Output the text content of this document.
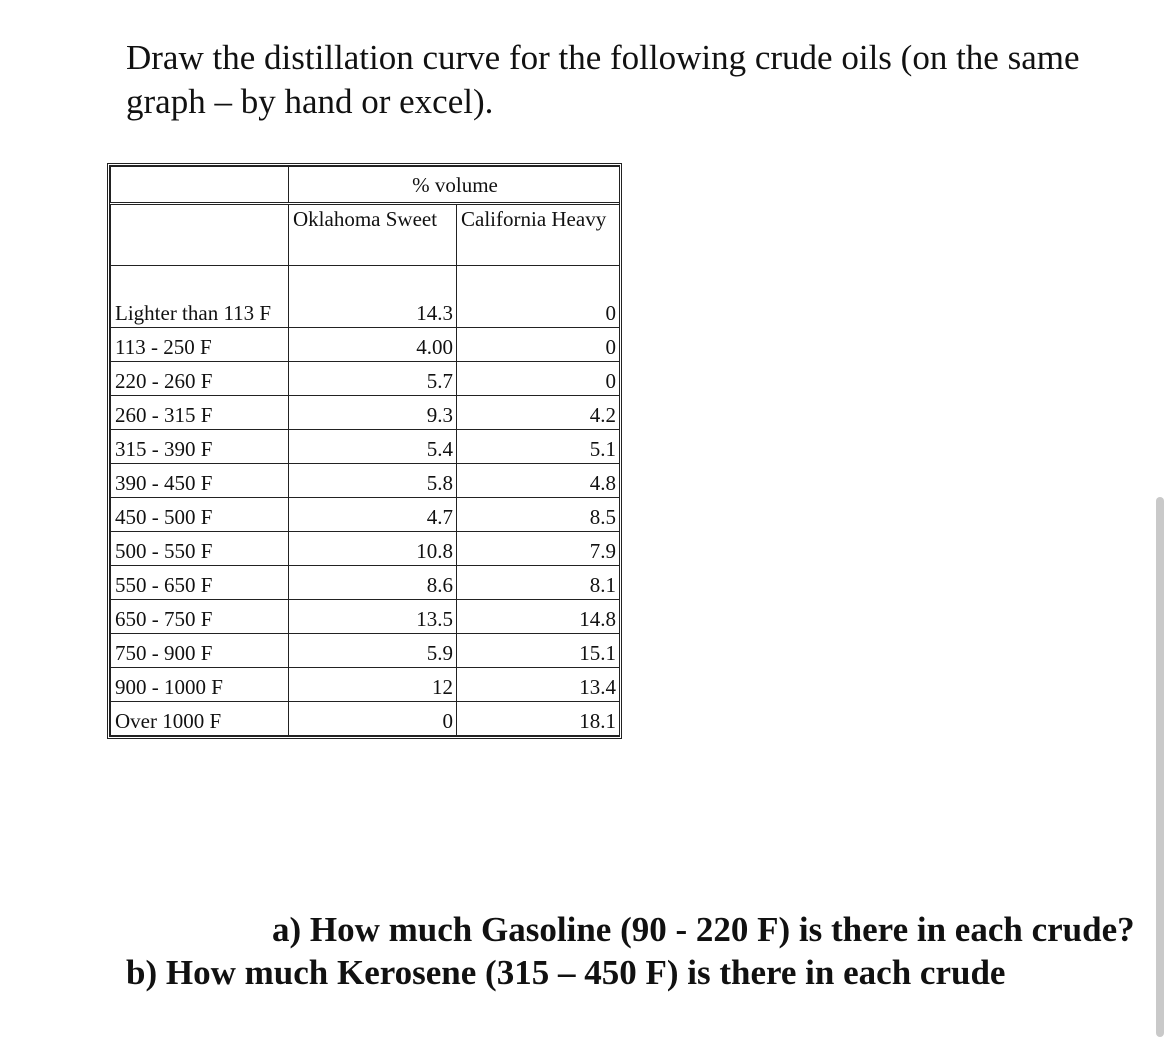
Draw the distillation curve for the following crude oils (on the same graph – by hand or excel).

	% volume	
	Oklahoma Sweet	California Heavy
Lighter than 113 F	14.3	0
113 - 250 F	4.00	0
220 - 260 F	5.7	0
260 - 315 F	9.3	4.2
315 - 390 F	5.4	5.1
390 - 450 F	5.8	4.8
450 - 500 F	4.7	8.5
500 - 550 F	10.8	7.9
550 - 650 F	8.6	8.1
650 - 750 F	13.5	14.8
750 - 900 F	5.9	15.1
900 - 1000 F	12	13.4
Over 1000 F	0	18.1

a) How much Gasoline (90 - 220 F) is there in each crude?

b) How much Kerosene (315 – 450 F) is there in each crude
